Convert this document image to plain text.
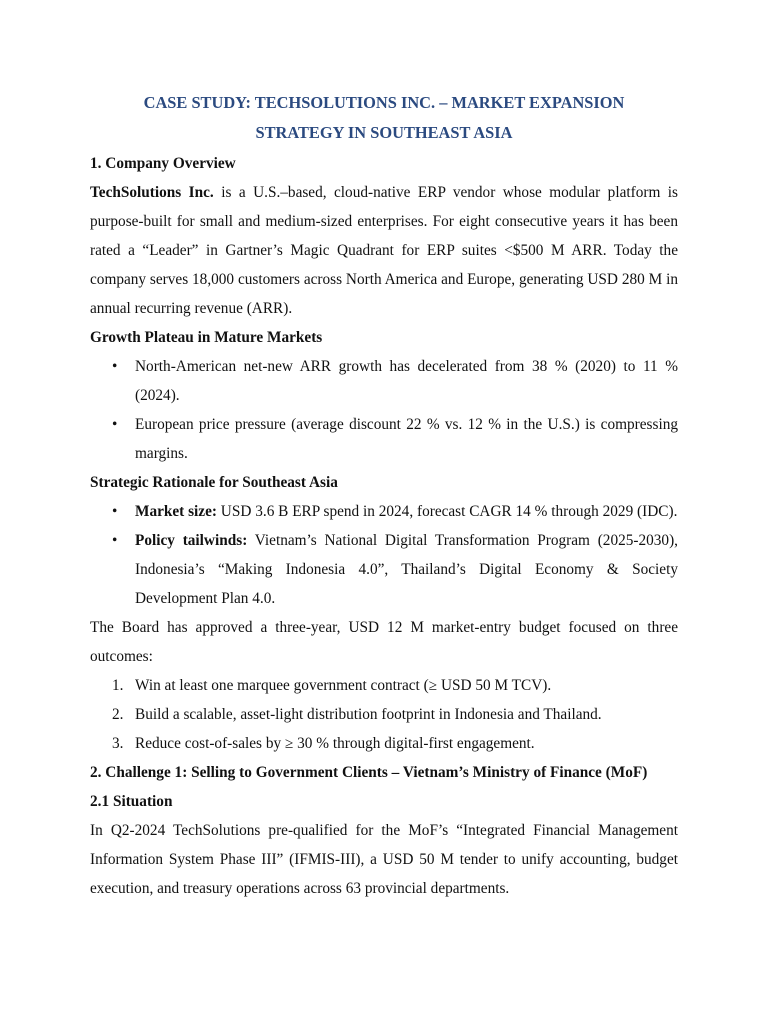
CASE STUDY: TECHSOLUTIONS INC. – MARKET EXPANSION
STRATEGY IN SOUTHEAST ASIA
1. Company Overview

TechSolutions Inc. is a U.S.–based, cloud-native ERP vendor whose modular platform is purpose-built for small and medium-sized enterprises. For eight consecutive years it has been rated a “Leader” in Gartner’s Magic Quadrant for ERP suites <$500 M ARR. Today the company serves 18,000 customers across North America and Europe, generating USD 280 M in annual recurring revenue (ARR).

Growth Plateau in Mature Markets
• North-American net-new ARR growth has decelerated from 38 % (2020) to 11 % (2024).
• European price pressure (average discount 22 % vs. 12 % in the U.S.) is compressing margins.
Strategic Rationale for Southeast Asia
• Market size: USD 3.6 B ERP spend in 2024, forecast CAGR 14 % through 2029 (IDC).
• Policy tailwinds: Vietnam’s National Digital Transformation Program (2025-2030), Indonesia’s “Making Indonesia 4.0”, Thailand’s Digital Economy & Society Development Plan 4.0.

The Board has approved a three-year, USD 12 M market-entry budget focused on three outcomes:

1. Win at least one marquee government contract (≥ USD 50 M TCV).
2. Build a scalable, asset-light distribution footprint in Indonesia and Thailand.
3. Reduce cost-of-sales by ≥ 30 % through digital-first engagement.
2. Challenge 1: Selling to Government Clients – Vietnam’s Ministry of Finance (MoF)
2.1 Situation

In Q2-2024 TechSolutions pre-qualified for the MoF’s “Integrated Financial Management Information System Phase III” (IFMIS-III), a USD 50 M tender to unify accounting, budget execution, and treasury operations across 63 provincial departments.
